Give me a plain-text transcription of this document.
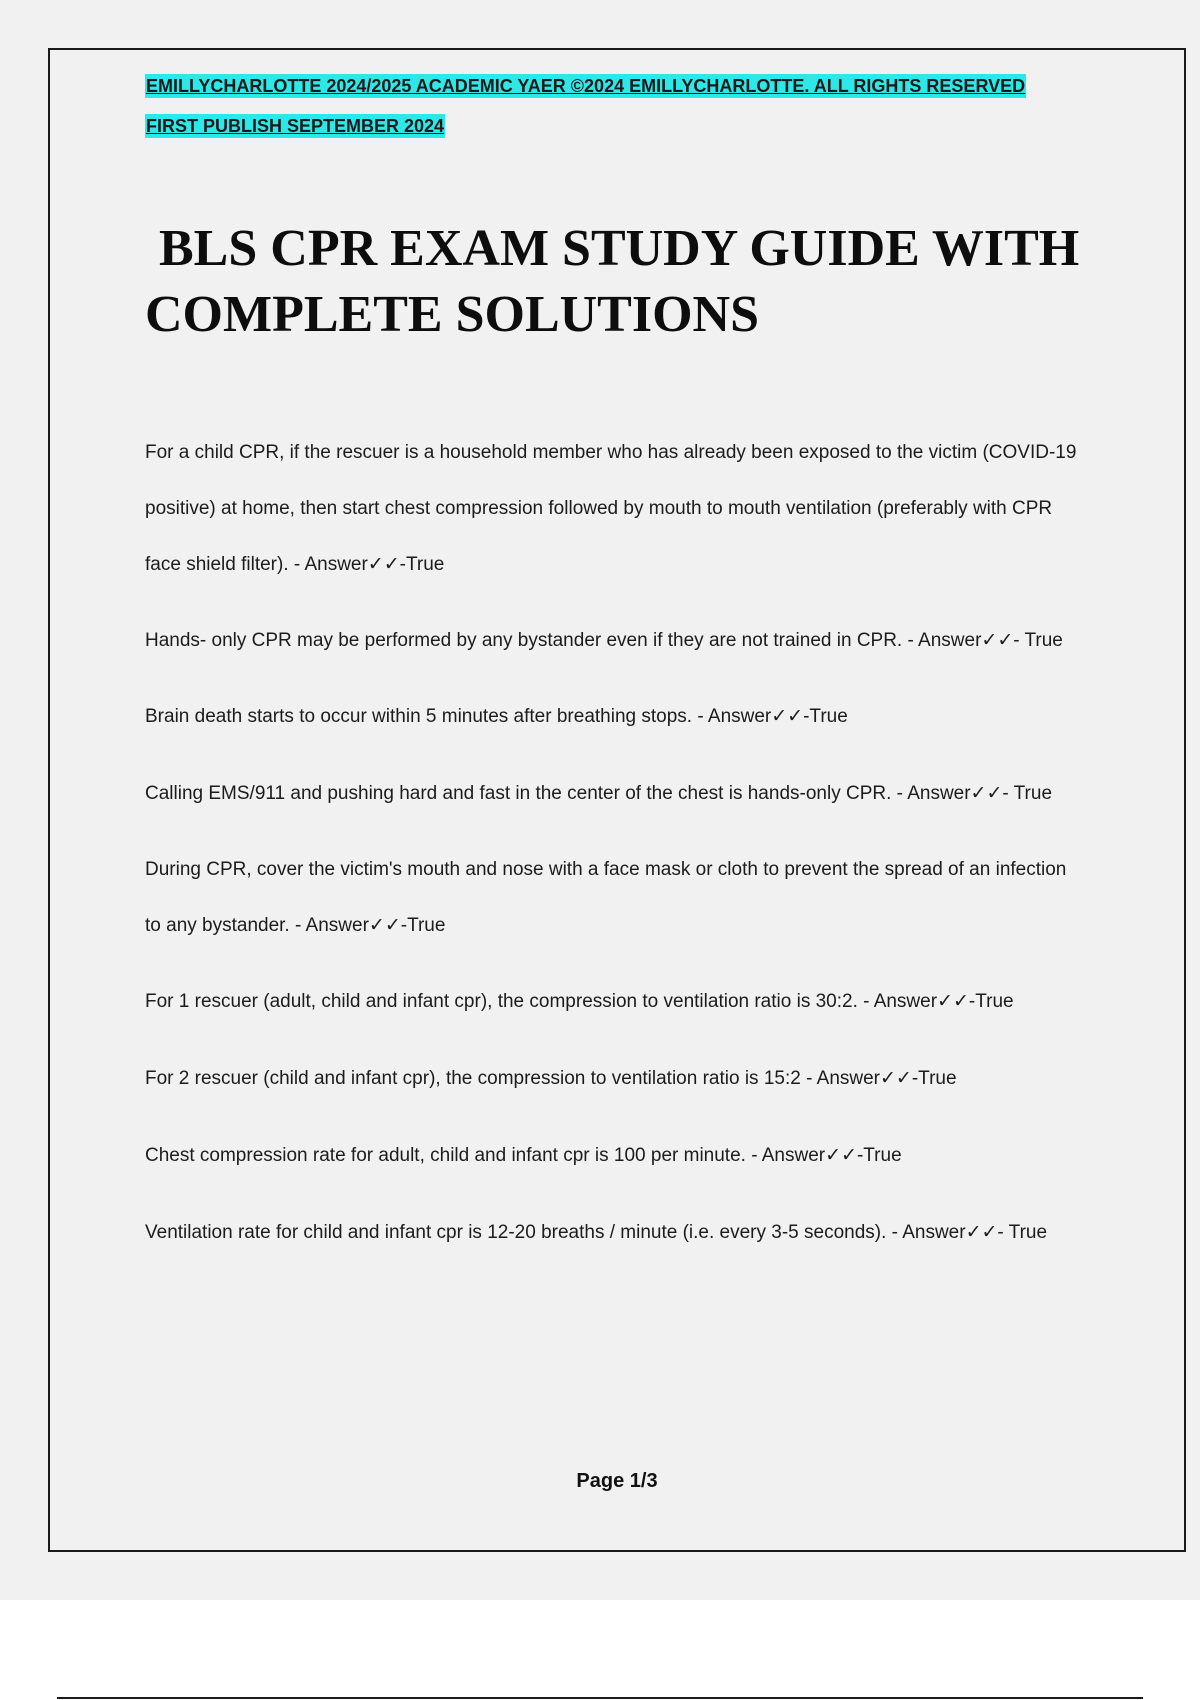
EMILLYCHARLOTTE 2024/2025 ACADEMIC YAER ©2024 EMILLYCHARLOTTE. ALL RIGHTS RESERVED
FIRST PUBLISH SEPTEMBER 2024
BLS CPR EXAM STUDY GUIDE WITH
COMPLETE SOLUTIONS
For a child CPR, if the rescuer is a household member who has already been exposed to the victim (COVID-19 positive) at home, then start chest compression followed by mouth to mouth ventilation (preferably with CPR face shield filter). - Answer✓✓-True
Hands- only CPR may be performed by any bystander even if they are not trained in CPR. - Answer✓✓- True
Brain death starts to occur within 5 minutes after breathing stops. - Answer✓✓-True
Calling EMS/911 and pushing hard and fast in the center of the chest is hands-only CPR. - Answer✓✓- True
During CPR, cover the victim's mouth and nose with a face mask or cloth to prevent the spread of an infection to any bystander. - Answer✓✓-True
For 1 rescuer (adult, child and infant cpr), the compression to ventilation ratio is 30:2. - Answer✓✓-True
For 2 rescuer (child and infant cpr), the compression to ventilation ratio is 15:2 - Answer✓✓-True
Chest compression rate for adult, child and infant cpr is 100 per minute. - Answer✓✓-True
Ventilation rate for child and infant cpr is 12-20 breaths / minute (i.e. every 3-5 seconds). - Answer✓✓- True
Page 1/3
